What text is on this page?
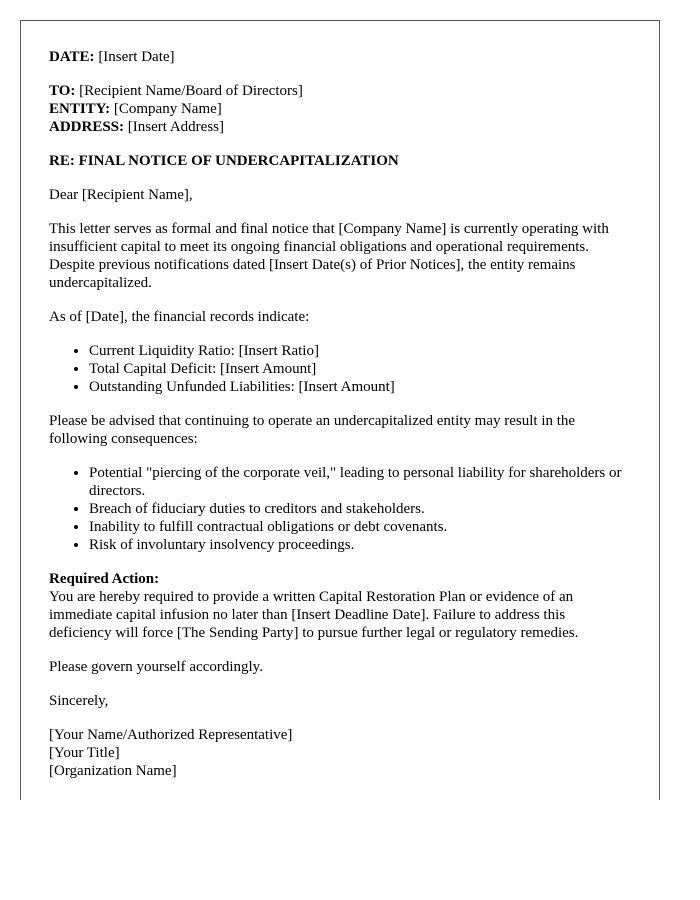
DATE: [Insert Date]

TO: [Recipient Name/Board of Directors]
ENTITY: [Company Name]
ADDRESS: [Insert Address]

RE: FINAL NOTICE OF UNDERCAPITALIZATION

Dear [Recipient Name],

This letter serves as formal and final notice that [Company Name] is currently operating with insufficient capital to meet its ongoing financial obligations and operational requirements. Despite previous notifications dated [Insert Date(s) of Prior Notices], the entity remains undercapitalized.

As of [Date], the financial records indicate:

• Current Liquidity Ratio: [Insert Ratio]
• Total Capital Deficit: [Insert Amount]
• Outstanding Unfunded Liabilities: [Insert Amount]

Please be advised that continuing to operate an undercapitalized entity may result in the following consequences:

• Potential "piercing of the corporate veil," leading to personal liability for shareholders or directors.
• Breach of fiduciary duties to creditors and stakeholders.
• Inability to fulfill contractual obligations or debt covenants.
• Risk of involuntary insolvency proceedings.

Required Action:
You are hereby required to provide a written Capital Restoration Plan or evidence of an immediate capital infusion no later than [Insert Deadline Date]. Failure to address this deficiency will force [The Sending Party] to pursue further legal or regulatory remedies.

Please govern yourself accordingly.

Sincerely,

[Your Name/Authorized Representative]
[Your Title]
[Organization Name]
